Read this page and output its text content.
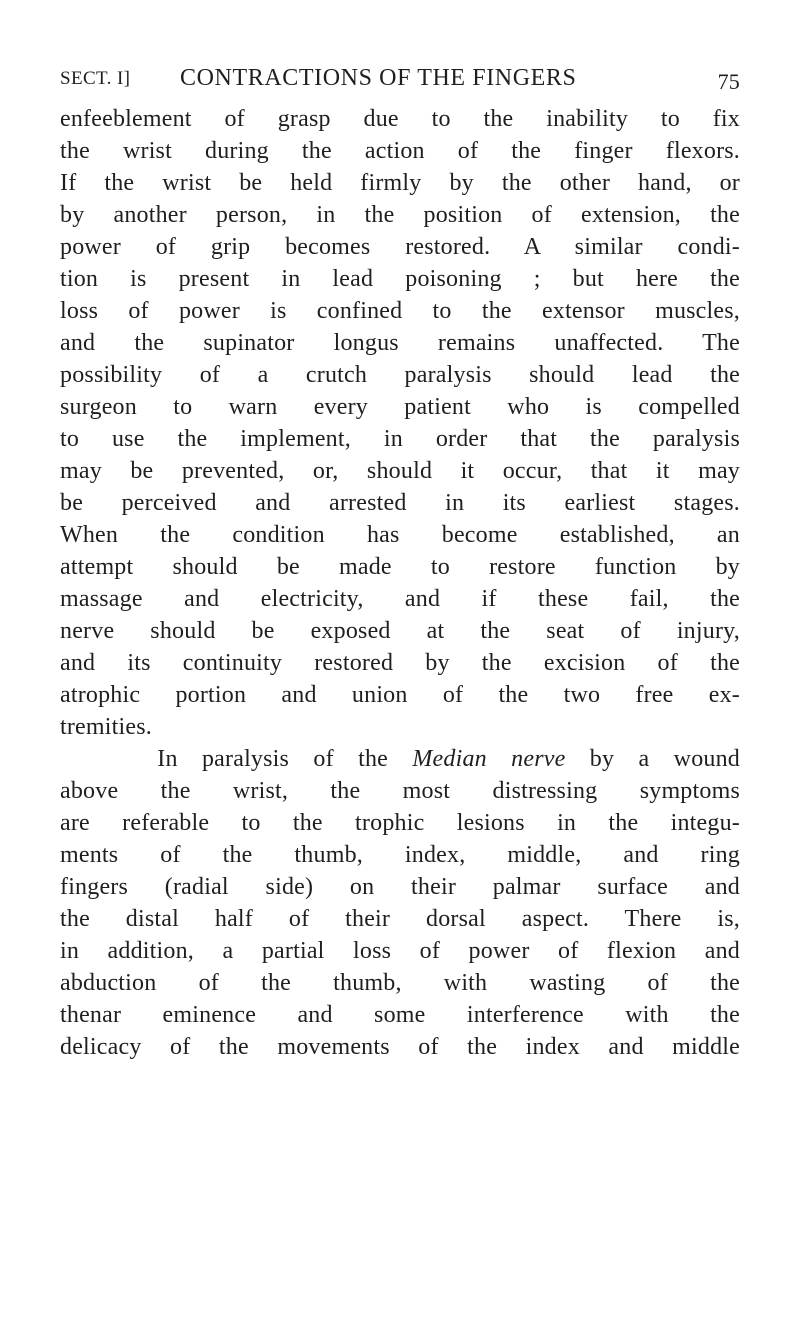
SECT. I] CONTRACTIONS OF THE FINGERS	75
enfeeblement of grasp due to the inability to fix
the wrist during the action of the finger flexors.
If the wrist be held firmly by the other hand, or
by another person, in the position of extension, the
power of grip becomes restored. A similar condi-
tion is present in lead poisoning ; but here the
loss of power is confined to the extensor muscles,
and the supinator longus remains unaffected. The
possibility of a crutch paralysis should lead the
surgeon to warn every patient who is compelled
to use the implement, in order that the paralysis
may be prevented, or, should it occur, that it may
be perceived and arrested in its earliest stages.
When the condition has become established, an
attempt should be made to restore function by
massage and electricity, and if these fail, the
nerve should be exposed at the seat of injury,
and its continuity restored by the excision of the
atrophic portion and union of the two free ex-
tremities.
In paralysis of the Median nerve by a wound
above the wrist, the most distressing symptoms
are referable to the trophic lesions in the integu-
ments of the thumb, index, middle, and ring
fingers (radial side) on their palmar surface and
the distal half of their dorsal aspect. There is,
in addition, a partial loss of power of flexion and
abduction of the thumb, with wasting of the
thenar eminence and some interference with the
delicacy of the movements of the index and middle
